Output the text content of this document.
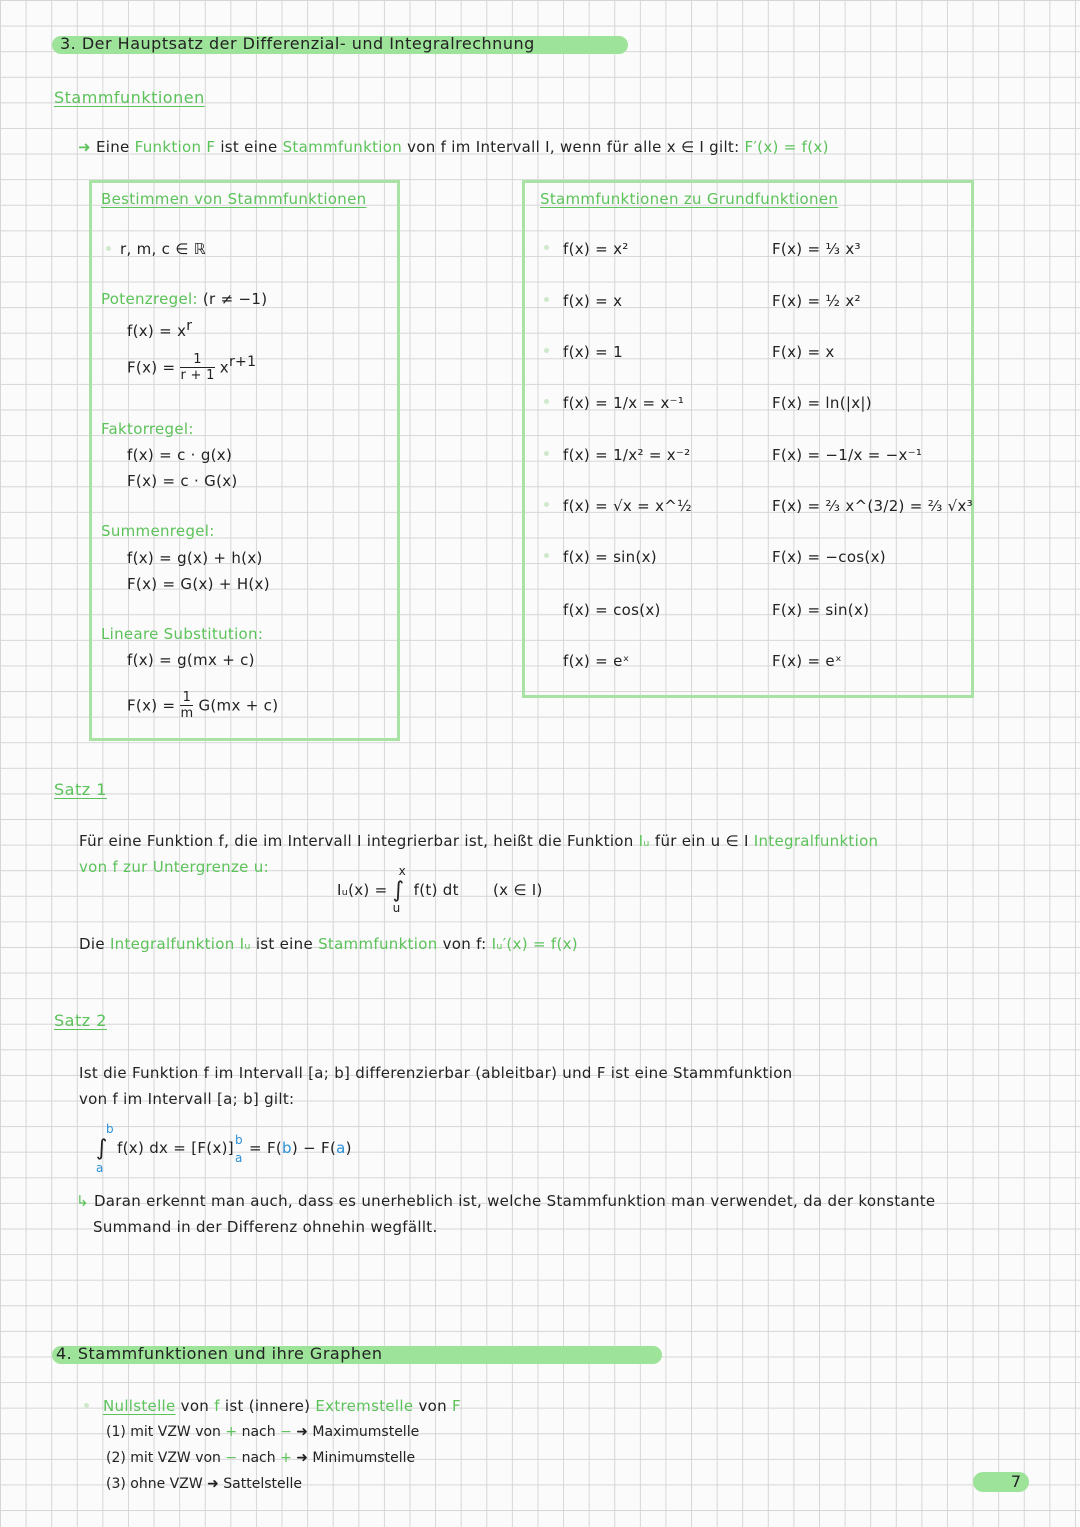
3. Der Hauptsatz der Differenzial- und Integralrechnung
Stammfunktionen
➜ Eine Funktion F ist eine Stammfunktion von f im Intervall I, wenn für alle x ∈ I gilt: F′(x) = f(x)
Bestimmen von Stammfunktionen
r, m, c ∈ ℝ
Potenzregel: (r ≠ −1)
$f(x) = x^r$
$F(x) = \frac{1}{r + 1} x^{r+1}$
Faktorregel:
f(x) = c · g(x)
F(x) = c · G(x)
Summenregel:
f(x) = g(x) + h(x)
F(x) = G(x) + H(x)
Lineare Substitution:
f(x) = g(mx + c)
$F(x) = \frac{1}{m} G(mx + c)$
Stammfunktionen zu Grundfunktionen
f(x) = x²	F(x) = ⅓ x³
f(x) = x	F(x) = ½ x²
f(x) = 1	F(x) = x
f(x) = 1/x = x⁻¹	F(x) = ln(|x|)
f(x) = 1/x² = x⁻²	F(x) = −1/x = −x⁻¹
f(x) = √x = x^½	F(x) = ⅔ x^(3/2) = ⅔ √x³
f(x) = sin(x)	F(x) = −cos(x)
f(x) = cos(x)	F(x) = sin(x)
f(x) = eˣ	F(x) = eˣ
Satz 1
Für eine Funktion f, die im Intervall I integrierbar ist, heißt die Funktion Iᵤ für ein u ∈ I Integralfunktion
von f zur Untergrenze u:
Iᵤ(x) = ∫
x
u
f(t) dt (x ∈ I)
Die Integralfunktion Iᵤ ist eine Stammfunktion von f: Iᵤ′(x) = f(x)
Satz 2
Ist die Funktion f im Intervall [a; b] differenzierbar (ableitbar) und F ist eine Stammfunktion
von f im Intervall [a; b] gilt:
∫
b
a
f(x) dx = [F(x)] b
a
= F(b) − F(a)
↳ Daran erkennt man auch, dass es unerheblich ist, welche Stammfunktion man verwendet, da der konstante
Summand in der Differenz ohnehin wegfällt.
4. Stammfunktionen und ihre Graphen
Nullstelle von f ist (innere) Extremstelle von F
(1) mit VZW von + nach − ➜ Maximumstelle
(2) mit VZW von − nach + ➜ Minimumstelle
(3) ohne VZW ➜ Sattelstelle	7
